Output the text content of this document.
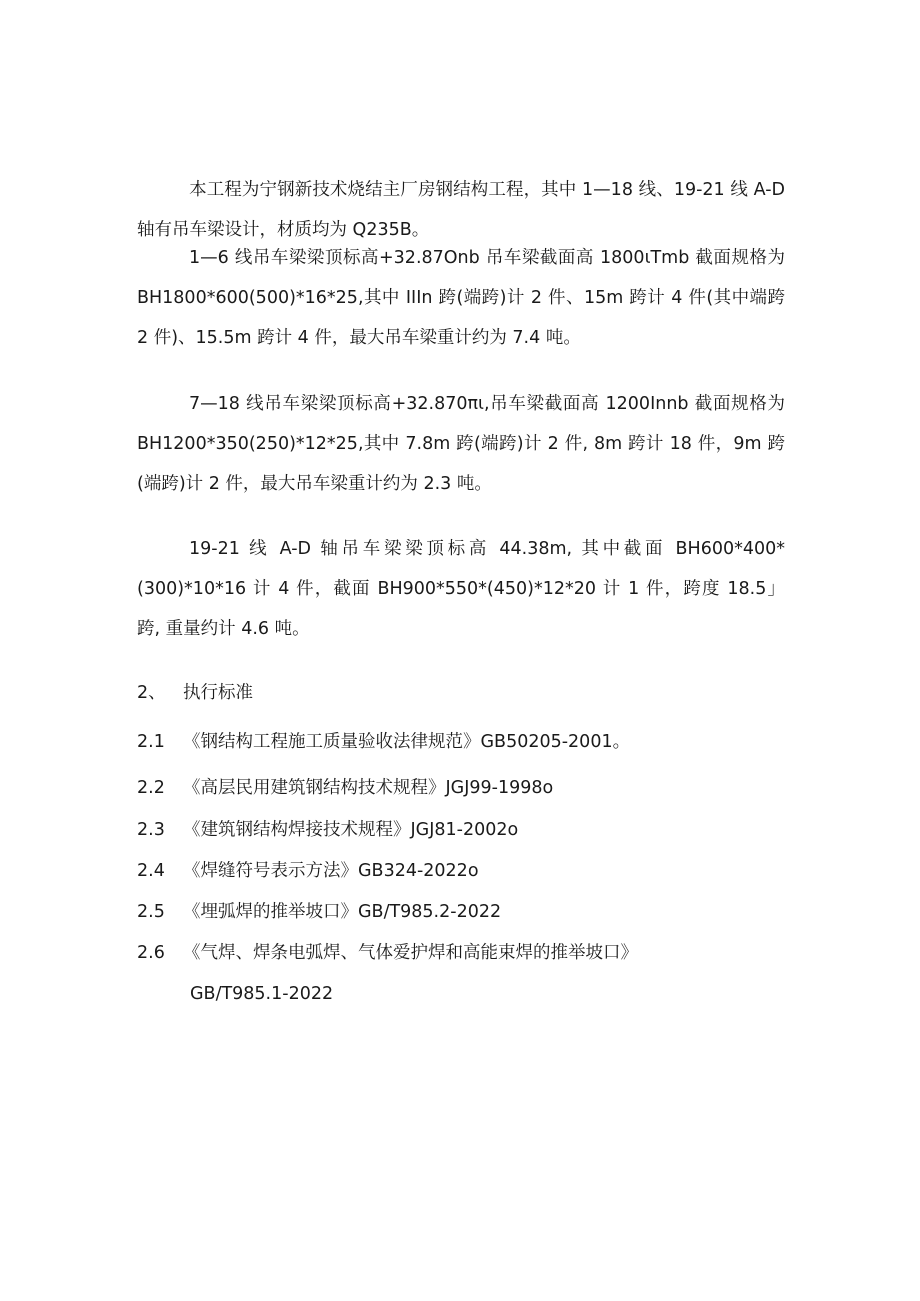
本工程为宁钢新技术烧结主厂房钢结构工程，其中 1—18 线、19-21 线 A-D 轴有吊车梁设计，材质均为 Q235B。

1—6 线吊车梁梁顶标高+32.87Onb 吊车梁截面高 1800ιTmb 截面规格为 BH1800*600(500)*16*25,其中 IIIn 跨(端跨)计 2 件、15m 跨计 4 件(其中端跨 2 件)、15.5m 跨计 4 件，最大吊车梁重计约为 7.4 吨。

7—18 线吊车梁梁顶标高+32.870πι,吊车梁截面高 1200Innb 截面规格为 BH1200*350(250)*12*25,其中 7.8m 跨(端跨)计 2 件, 8m 跨计 18 件，9m 跨(端跨)计 2 件，最大吊车梁重计约为 2.3 吨。

19-21 线 A-D 轴吊车梁梁顶标高 44.38m, 其中截面 BH600*400*(300)*10*16 计 4 件，截面 BH900*550*(450)*12*20 计 1 件，跨度 18.5」跨, 重量约计 4.6 吨。

2、 执行标准
2.1 《钢结构工程施工质量验收法律规范》GB50205-2001。
2.2 《高层民用建筑钢结构技术规程》JGJ99-1998o
2.3 《建筑钢结构焊接技术规程》JGJ81-2002o
2.4 《焊缝符号表示方法》GB324-2022o
2.5 《埋弧焊的推举坡口》GB/T985.2-2022
2.6 《气焊、焊条电弧焊、气体爱护焊和高能束焊的推举坡口》
GB/T985.1-2022
